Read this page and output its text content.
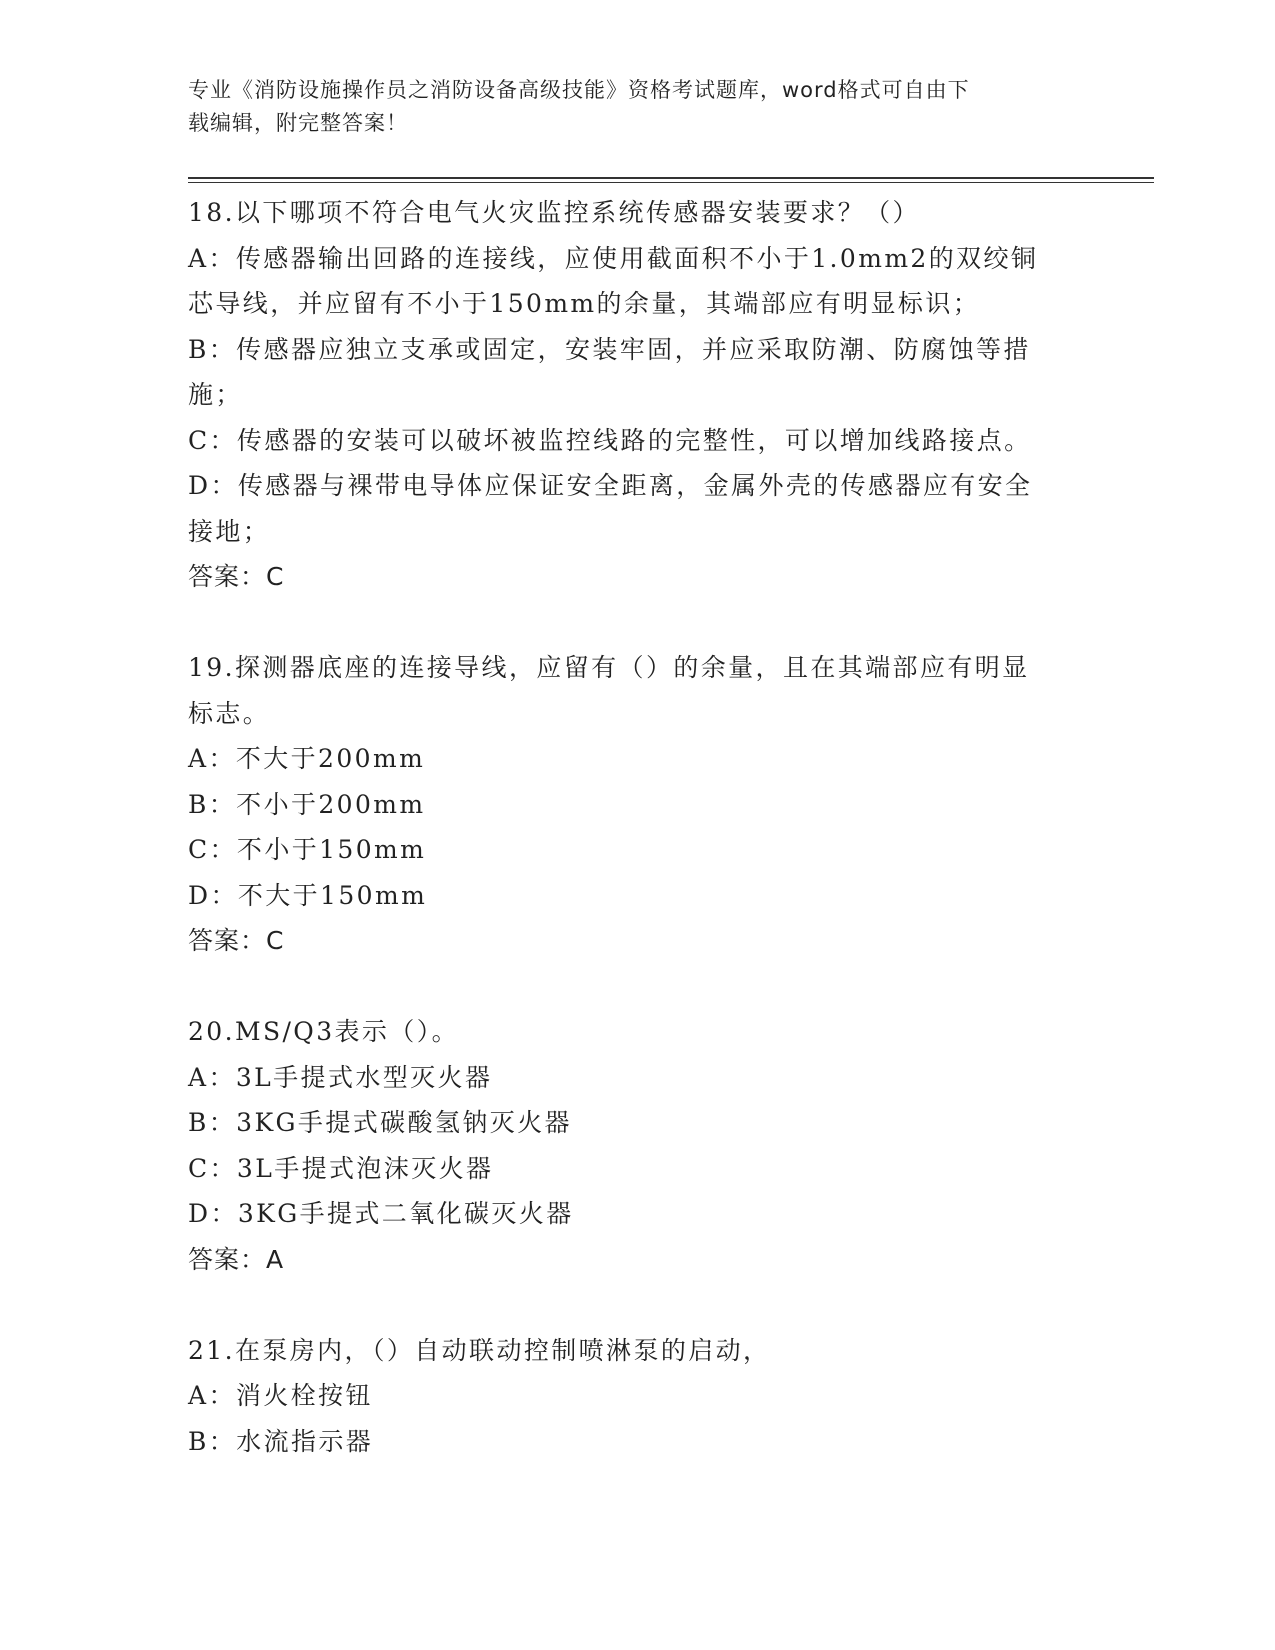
专业《消防设施操作员之消防设备高级技能》资格考试题库，word格式可自由下
载编辑，附完整答案！
18.以下哪项不符合电气火灾监控系统传感器安装要求？（）
A：传感器输出回路的连接线，应使用截面积不小于1.0mm2的双绞铜
芯导线，并应留有不小于150mm的余量，其端部应有明显标识；
B：传感器应独立支承或固定，安装牢固，并应采取防潮、防腐蚀等措
施；
C：传感器的安装可以破坏被监控线路的完整性，可以增加线路接点。
D：传感器与裸带电导体应保证安全距离，金属外壳的传感器应有安全
接地；
答案：C
19.探测器底座的连接导线，应留有（）的余量，且在其端部应有明显
标志。
A：不大于200mm
B：不小于200mm
C：不小于150mm
D：不大于150mm
答案：C
20.MS/Q3表示（）。
A：3L手提式水型灭火器
B：3KG手提式碳酸氢钠灭火器
C：3L手提式泡沫灭火器
D：3KG手提式二氧化碳灭火器
答案：A
21.在泵房内，（）自动联动控制喷淋泵的启动，
A：消火栓按钮
B：水流指示器
